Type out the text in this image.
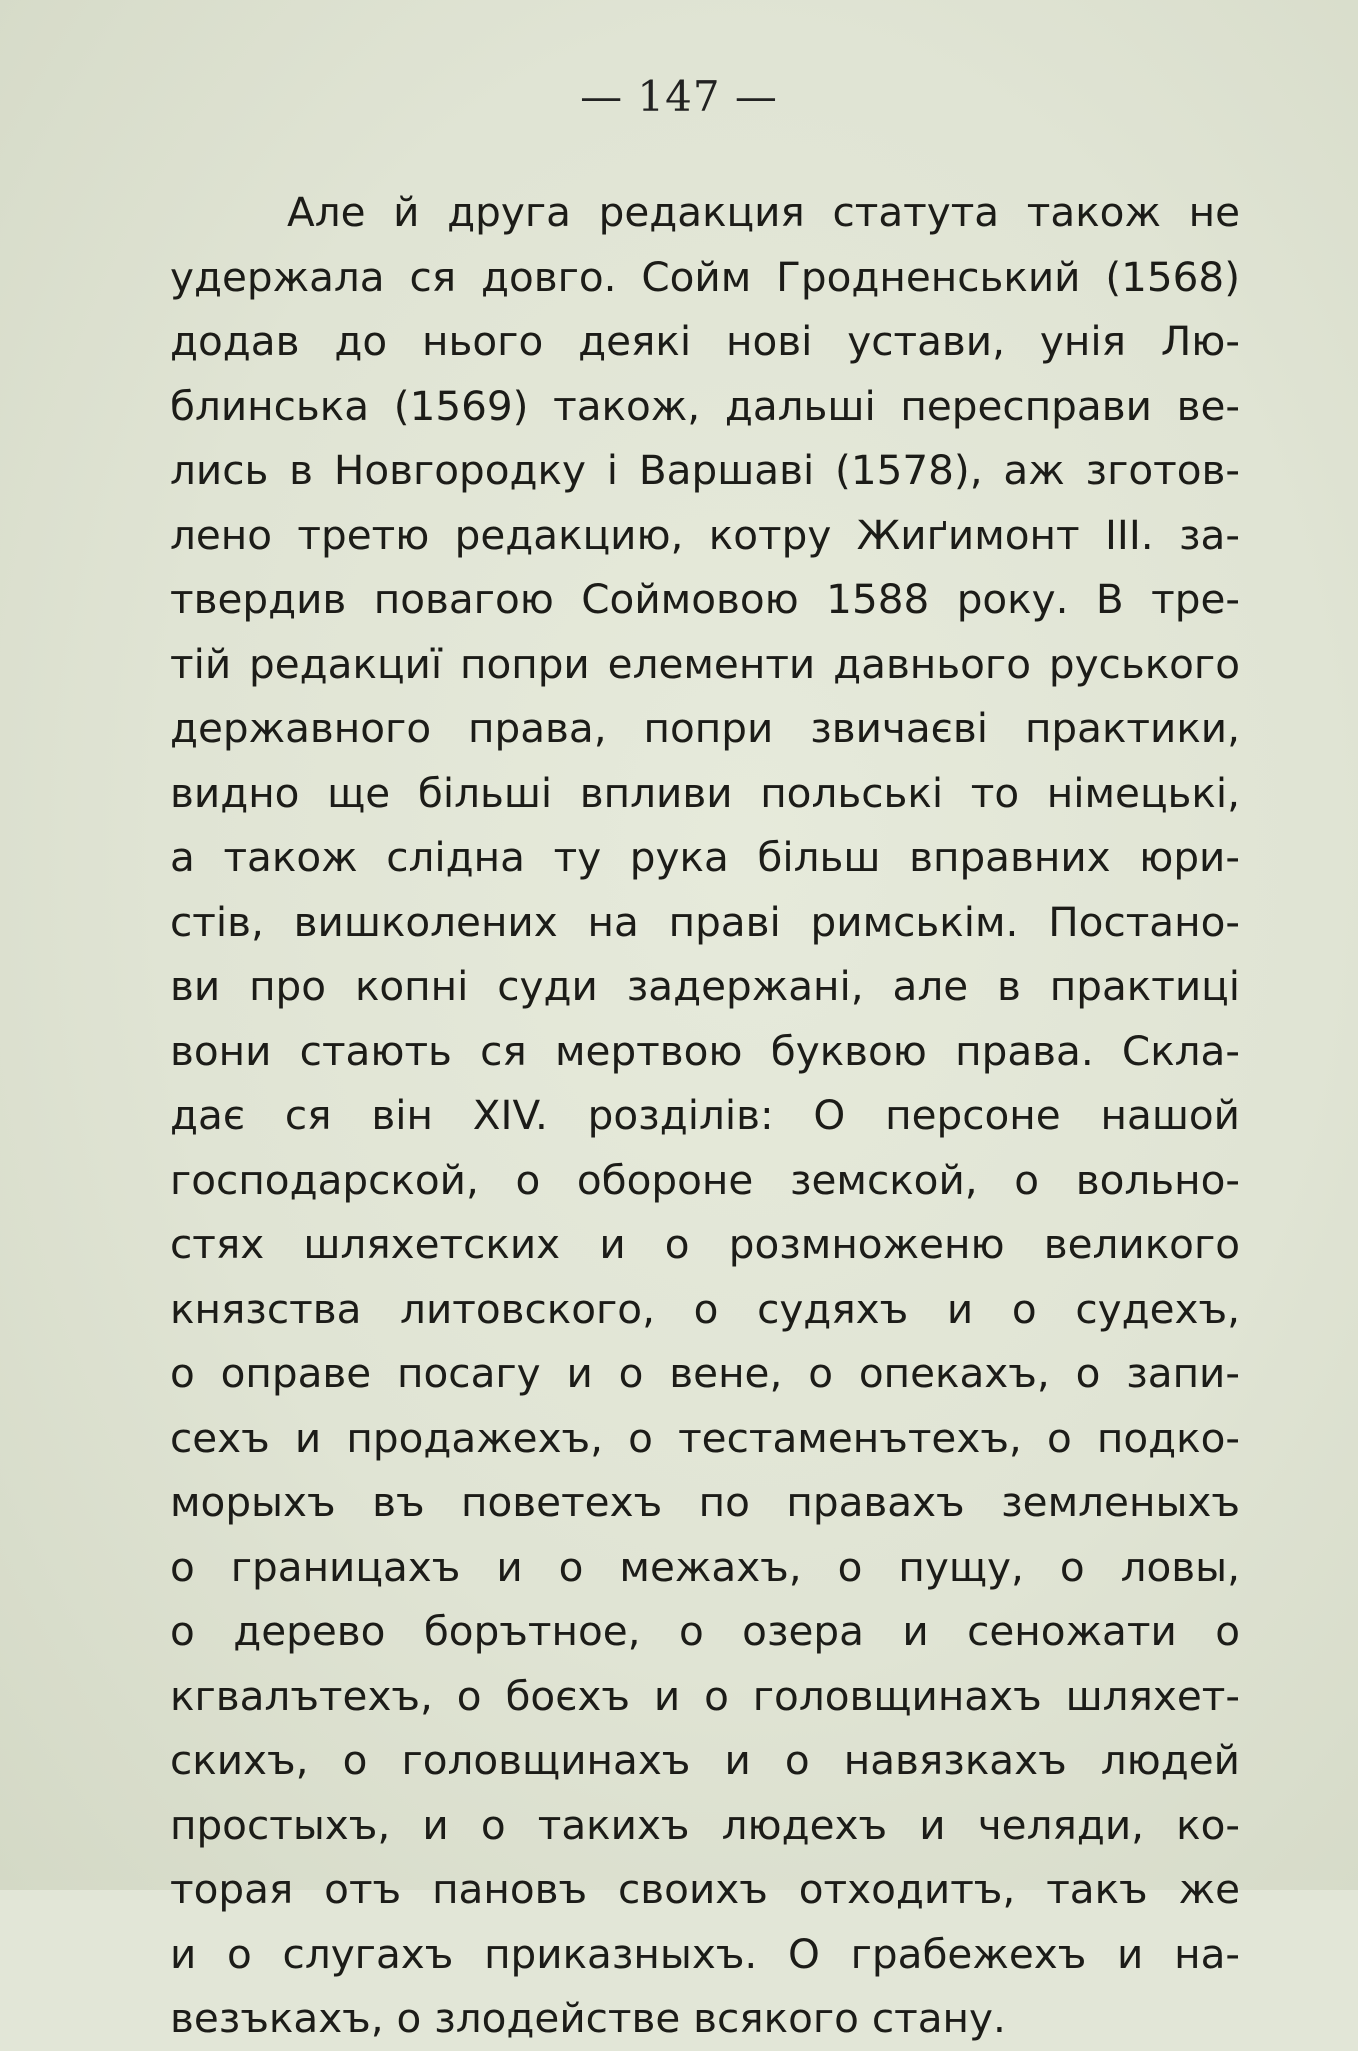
— 147 —
Але й друга редакция статута також не
удержала ся довго. Сойм Гродненський (1568)
додав до нього деякі нові устави, унія Лю-
блинська (1569) також, дальші пересправи ве-
лись в Новгородку і Варшаві (1578), аж зготов-
лено третю редакцию, котру Жиґимонт III. за-
твердив повагою Соймовою 1588 року. В тре-
тій редакциї попри елементи давнього руського
державного права, попри звичаєві практики,
видно ще більші впливи польські то німецькі,
а також слідна ту рука більш вправних юри-
стів, вишколених на праві римськім. Постано-
ви про копні суди задержані, але в практиці
вони стають ся мертвою буквою права. Скла-
дає ся він XIV. розділів: О персоне нашой
господарской, о обороне земской, о вольно-
стях шляхетских и о розмноженю великого
князства литовского, о судяхъ и о судехъ,
о оправе посагу и о вене, о опекахъ, о запи-
сехъ и продажехъ, о тестаменътехъ, о подко-
морыхъ въ поветехъ по правахъ земленыхъ
о границахъ и о межахъ, о пущу, о ловы,
о дерево борътное, о озера и сеножати о
кгвалътехъ, о боєхъ и о головщинахъ шляхет-
скихъ, о головщинахъ и о навязкахъ людей
простыхъ, и о такихъ людехъ и челяди, ко-
торая отъ пановъ своихъ отходитъ, такъ же
и о слугахъ приказныхъ. О грабежехъ и на-
везъкахъ, о злодействе всякого стану.
